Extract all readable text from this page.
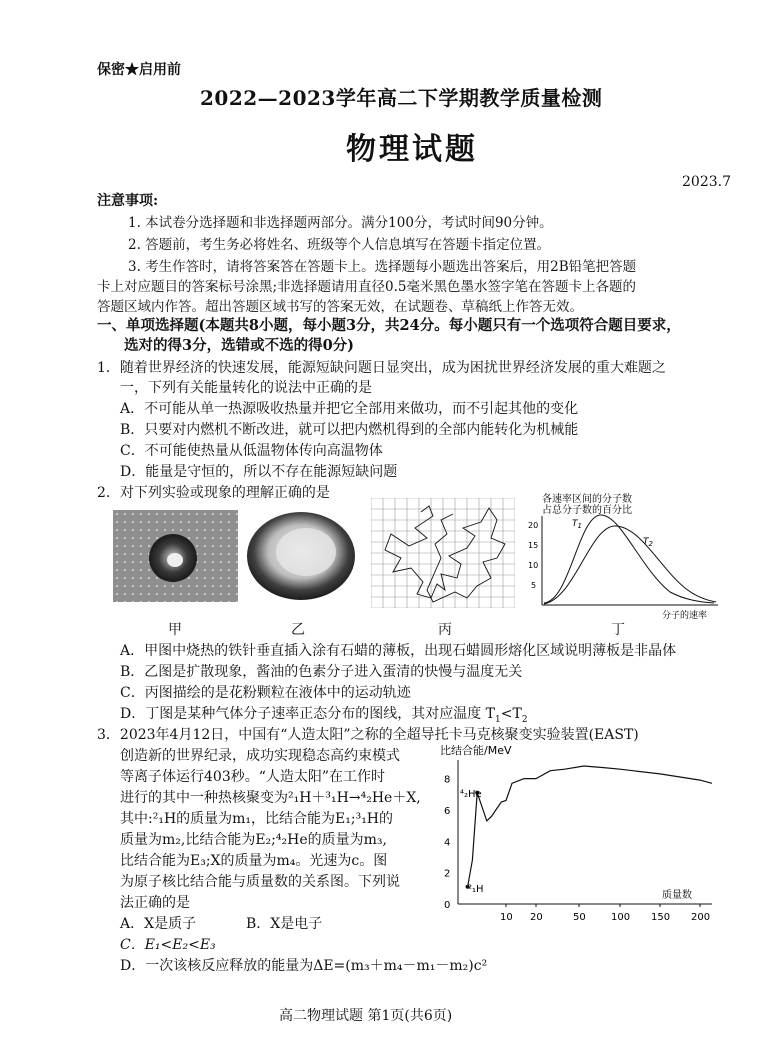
保密★启用前
2022—2023学年高二下学期教学质量检测
物理试题
2023.7
注意事项:
1. 本试卷分选择题和非选择题两部分。满分100分，考试时间90分钟。
2. 答题前，考生务必将姓名、班级等个人信息填写在答题卡指定位置。
3. 考生作答时，请将答案答在答题卡上。选择题每小题选出答案后，用2B铅笔把答题
卡上对应题目的答案标号涂黑;非选择题请用直径0.5毫米黑色墨水签字笔在答题卡上各题的
答题区域内作答。超出答题区域书写的答案无效，在试题卷、草稿纸上作答无效。
一、单项选择题(本题共8小题，每小题3分，共24分。每小题只有一个选项符合题目要求，
选对的得3分，选错或不选的得0分)
1．随着世界经济的快速发展，能源短缺问题日显突出，成为困扰世界经济发展的重大难题之
一，下列有关能量转化的说法中正确的是
A．不可能从单一热源吸收热量并把它全部用来做功，而不引起其他的变化
B．只要对内燃机不断改进，就可以把内燃机得到的全部内能转化为机械能
C．不可能使热量从低温物体传向高温物体
D．能量是守恒的，所以不存在能源短缺问题
2．对下列实验或现象的理解正确的是
甲	乙	丙
各速率区间的分子数
占总分子数的百分比
20
15
10
5
$T_1$
$T_2$
分子的速率
丁
A．甲图中烧热的铁针垂直插入涂有石蜡的薄板，出现石蜡圆形熔化区域说明薄板是非晶体
B．乙图是扩散现象，酱油的色素分子进入蛋清的快慢与温度无关
C．丙图描绘的是花粉颗粒在液体中的运动轨迹
D．丁图是某种气体分子速率正态分布的图线，其对应温度 $T_1<T_2$
3．2023年4月12日，中国有“人造太阳”之称的全超导托卡马克核聚变实验装置(EAST)
创造新的世界纪录，成功实现稳态高约束模式
等离子体运行403秒。“人造太阳”在工作时
进行的其中一种热核聚变为²₁H＋³₁H→⁴₂He＋X,
其中:²₁H的质量为m₁，比结合能为E₁;³₁H的
质量为m₂,比结合能为E₂;⁴₂He的质量为m₃,
比结合能为E₃;X的质量为m₄。光速为c。图
为原子核比结合能与质量数的关系图。下列说
法正确的是
A．X是质子	B．X是电子
C．E₁<E₂<E₃
D．一次该核反应释放的能量为ΔE=(m₃＋m₄－m₁－m₂)c²
比结合能/MeV
8
6
4
2
0
10 20	50	100 150 200
⁴₂He
²₁H
质量数
高二物理试题 第1页(共6页)
